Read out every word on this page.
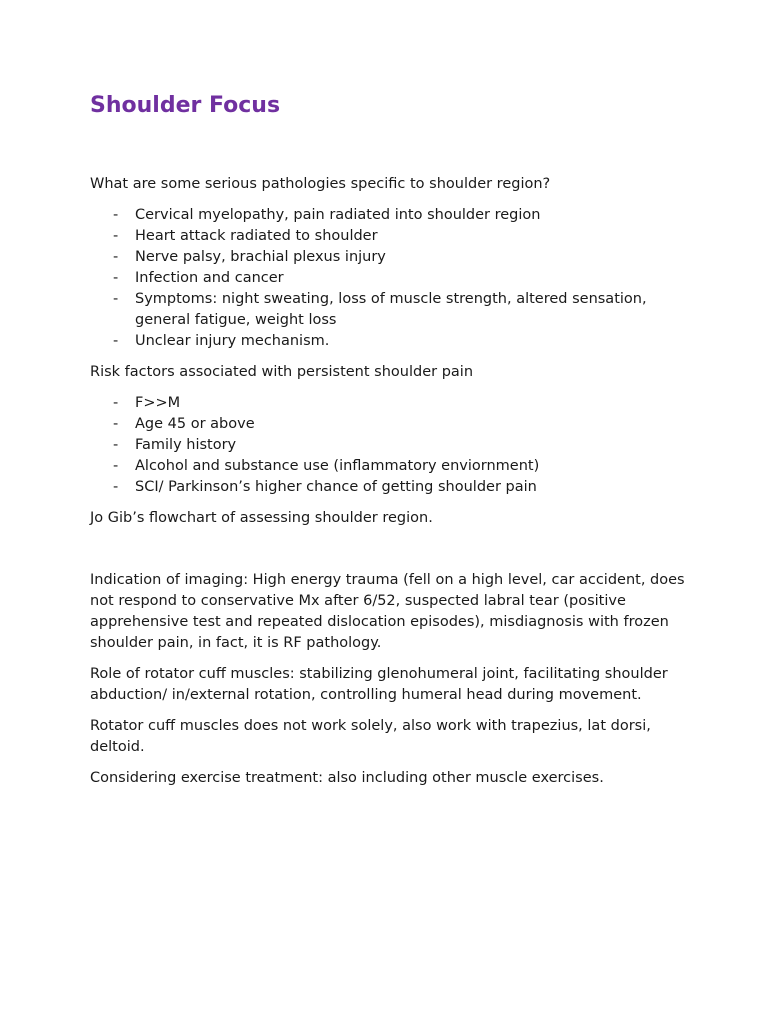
Shoulder Focus

What are some serious pathologies specific to shoulder region?

- Cervical myelopathy, pain radiated into shoulder region
- Heart attack radiated to shoulder
- Nerve palsy, brachial plexus injury
- Infection and cancer
- Symptoms: night sweating, loss of muscle strength, altered sensation, general fatigue, weight loss
- Unclear injury mechanism.

Risk factors associated with persistent shoulder pain

- F>>M
- Age 45 or above
- Family history
- Alcohol and substance use (inflammatory enviornment)
- SCI/ Parkinson’s higher chance of getting shoulder pain

Jo Gib’s flowchart of assessing shoulder region.

Indication of imaging: High energy trauma (fell on a high level, car accident, does not respond to conservative Mx after 6/52, suspected labral tear (positive apprehensive test and repeated dislocation episodes), misdiagnosis with frozen shoulder pain, in fact, it is RF pathology.

Role of rotator cuff muscles: stabilizing glenohumeral joint, facilitating shoulder abduction/ in/external rotation, controlling humeral head during movement.

Rotator cuff muscles does not work solely, also work with trapezius, lat dorsi, deltoid.

Considering exercise treatment: also including other muscle exercises.
